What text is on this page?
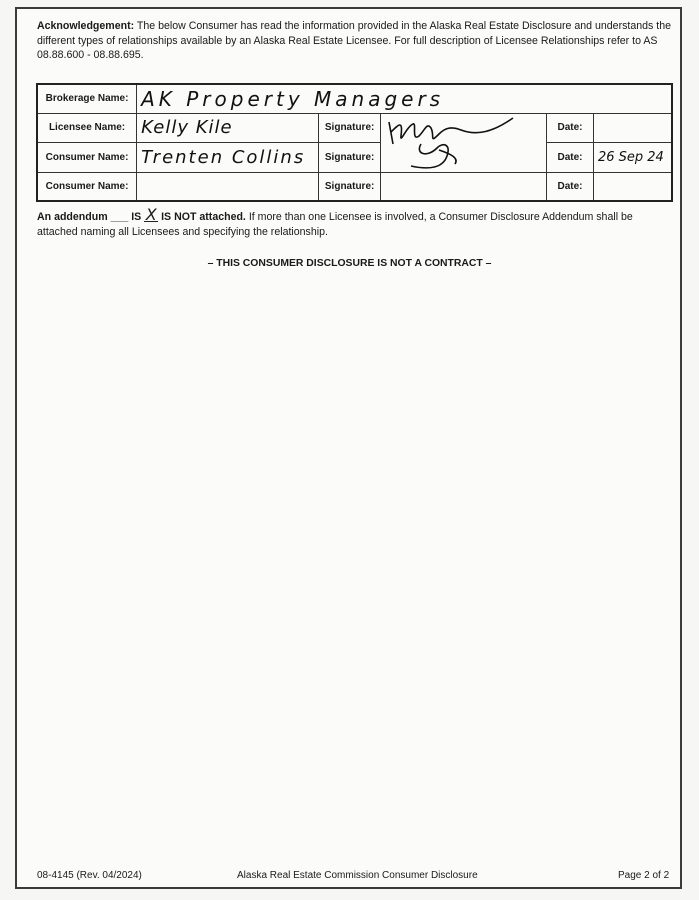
Acknowledgement: The below Consumer has read the information provided in the Alaska Real Estate Disclosure and understands the different types of relationships available by an Alaska Real Estate Licensee. For full description of Licensee Relationships refer to AS 08.88.600 - 08.88.695.
Brokerage Name:	AK Property Managers				
Licensee Name:	Kelly Kile	Signature:		Date:	
Consumer Name:	Trenten Collins	Signature:		Date:	26 Sep 24
Consumer Name:		Signature:		Date:	
An addendum ___ IS X IS NOT attached. If more than one Licensee is involved, a Consumer Disclosure Addendum shall be attached naming all Licensees and specifying the relationship.
– THIS CONSUMER DISCLOSURE IS NOT A CONTRACT –
08-4145 (Rev. 04/2024)	Alaska Real Estate Commission Consumer Disclosure	Page 2 of 2
